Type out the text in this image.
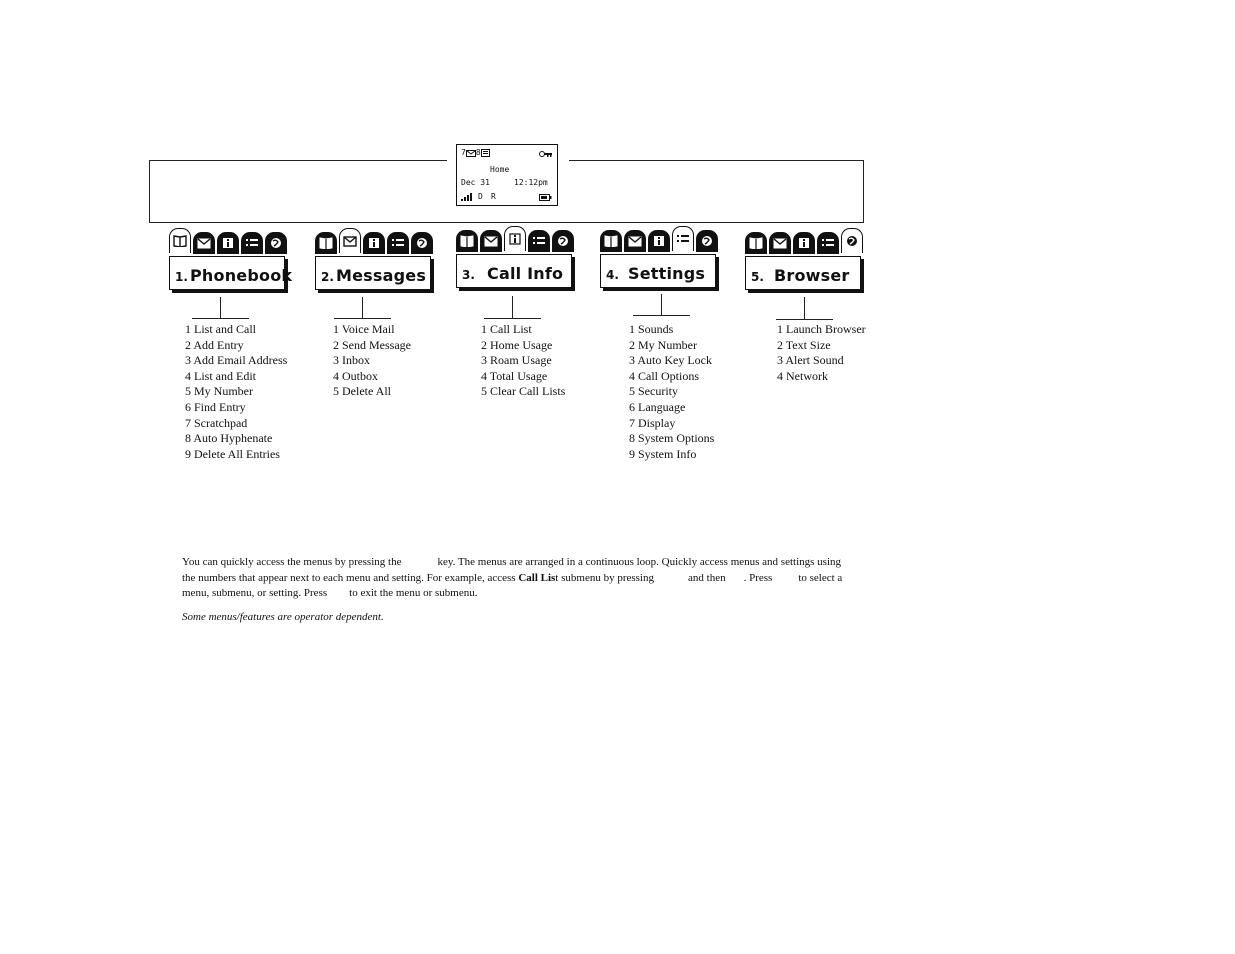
7 8
Home
Dec 31	12:12pm
D R
1. Phonebook
1 List and Call
2 Add Entry
3 Add Email Address
4 List and Edit
5 My Number
6 Find Entry
7 Scratchpad
8 Auto Hyphenate
9 Delete All Entries
2. Messages
1 Voice Mail
2 Send Message
3 Inbox
4 Outbox
5 Delete All
3. Call Info
1 Call List
2 Home Usage
3 Roam Usage
4 Total Usage
5 Clear Call Lists
4. Settings
1 Sounds
2 My Number
3 Auto Key Lock
4 Call Options
5 Security
6 Language
7 Display
8 System Options
9 System Info
5. Browser
1 Launch Browser
2 Text Size
3 Alert Sound
4 Network
You can quickly access the menus by pressing the	key. The menus are arranged in a continuous loop. Quickly access menus and settings using
the numbers that appear next to each menu and setting. For example, access Call List submenu by pressing	and then . Press to select a
menu, submenu, or setting. Press to exit the menu or submenu.
Some menus/features are operator dependent.
